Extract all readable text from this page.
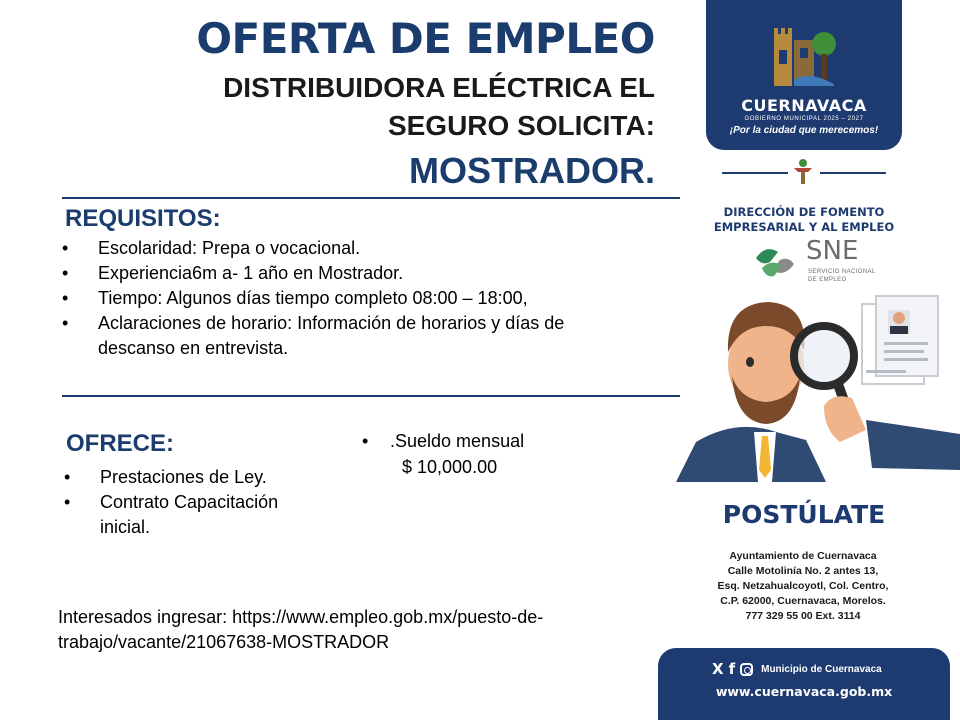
OFERTA DE EMPLEO
DISTRIBUIDORA ELÉCTRICA EL
SEGURO SOLICITA:
MOSTRADOR.
REQUISITOS:
• Escolaridad: Prepa o vocacional.
• Experiencia6m a- 1 año en Mostrador.
• Tiempo: Algunos días tiempo completo 08:00 – 18:00,
• Aclaraciones de horario: Información de horarios y días de descanso en entrevista.
OFRECE:
• Prestaciones de Ley.
• Contrato Capacitación inicial.
•	.Sueldo mensual
$ 10,000.00
Interesados ingresar: https://www.empleo.gob.mx/puesto-de-trabajo/vacante/21067638-MOSTRADOR
CUERNAVACA
GOBIERNO MUNICIPAL 2025 – 2027
¡Por la ciudad que merecemos!
DIRECCIÓN DE FOMENTO
EMPRESARIAL Y AL EMPLEO
SNE
SERVICIO NACIONAL
DE EMPLEO
POSTÚLATE
Ayuntamiento de Cuernavaca
Calle Motolinía No. 2 antes 13,
Esq. Netzahualcoyotl, Col. Centro,
C.P. 62000, Cuernavaca, Morelos.
777 329 55 00 Ext. 3114
X f	Municipio de Cuernavaca
www.cuernavaca.gob.mx
